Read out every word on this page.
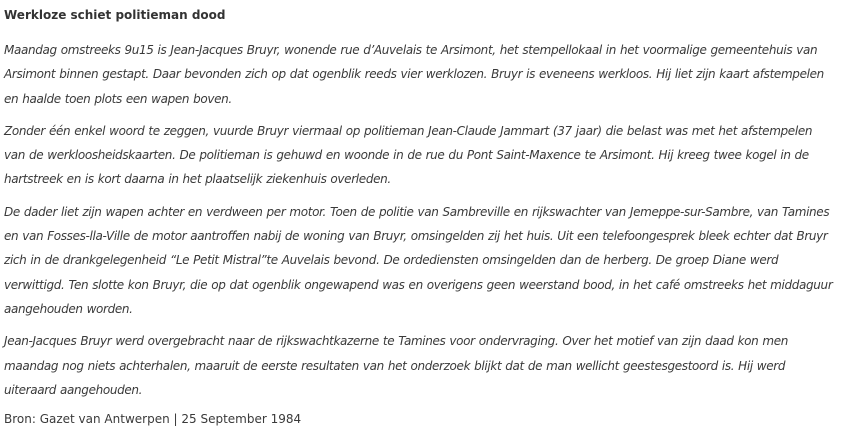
Werkloze schiet politieman dood

Maandag omstreeks 9u15 is Jean-Jacques Bruyr, wonende rue d’Auvelais te Arsimont, het stempellokaal in het voormalige gemeentehuis van Arsimont binnen gestapt. Daar bevonden zich op dat ogenblik reeds vier werklozen. Bruyr is eveneens werkloos. Hij liet zijn kaart afstempelen en haalde toen plots een wapen boven.

Zonder één enkel woord te zeggen, vuurde Bruyr viermaal op politieman Jean-Claude Jammart (37 jaar) die belast was met het afstempelen van de werkloosheidskaarten. De politieman is gehuwd en woonde in de rue du Pont Saint-Maxence te Arsimont. Hij kreeg twee kogel in de hartstreek en is kort daarna in het plaatselijk ziekenhuis overleden.

De dader liet zijn wapen achter en verdween per motor. Toen de politie van Sambreville en rijkswachter van Jemeppe-sur-Sambre, van Tamines en van Fosses-lla-Ville de motor aantroffen nabij de woning van Bruyr, omsingelden zij het huis. Uit een telefoongesprek bleek echter dat Bruyr zich in de drankgelegenheid “Le Petit Mistral”te Auvelais bevond. De ordediensten omsingelden dan de herberg. De groep Diane werd verwittigd. Ten slotte kon Bruyr, die op dat ogenblik ongewapend was en overigens geen weerstand bood, in het café omstreeks het middaguur aangehouden worden.

Jean-Jacques Bruyr werd overgebracht naar de rijkswachtkazerne te Tamines voor ondervraging. Over het motief van zijn daad kon men maandag nog niets achterhalen, maaruit de eerste resultaten van het onderzoek blijkt dat de man wellicht geestesgestoord is. Hij werd uiteraard aangehouden.

Bron: Gazet van Antwerpen | 25 September 1984
